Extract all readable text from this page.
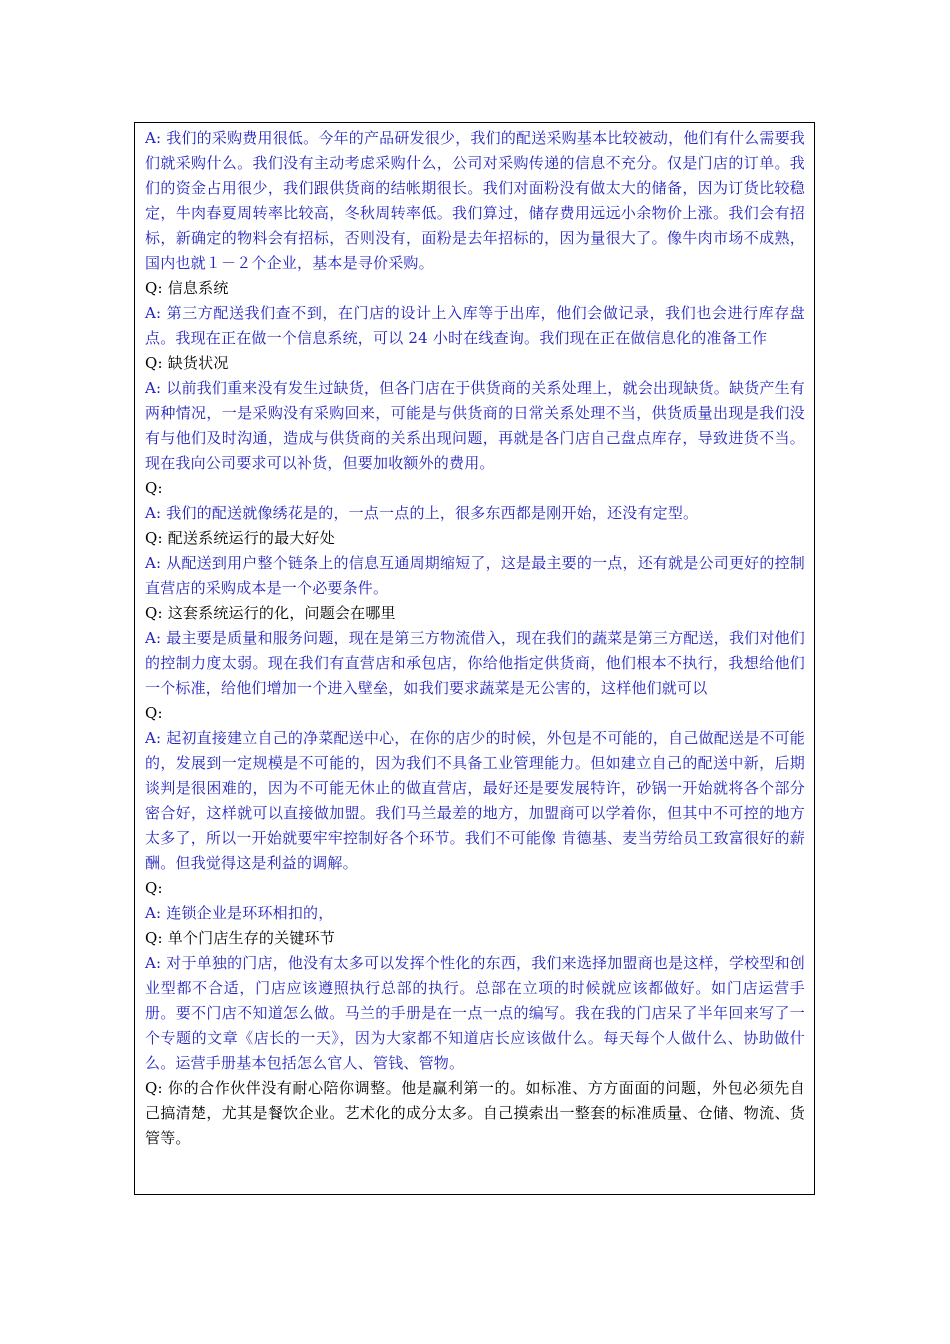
A: 我们的采购费用很低。今年的产品研发很少，我们的配送采购基本比较被动，他们有什么需要我们就采购什么。我们没有主动考虑采购什么，公司对采购传递的信息不充分。仅是门店的订单。我们的资金占用很少，我们跟供货商的结帐期很长。我们对面粉没有做太大的储备，因为订货比较稳定，牛肉春夏周转率比较高，冬秋周转率低。我们算过，储存费用远远小余物价上涨。我们会有招标，新确定的物料会有招标，否则没有，面粉是去年招标的，因为量很大了。像牛肉市场不成熟，国内也就１－２个企业，基本是寻价采购。

Q: 信息系统

A: 第三方配送我们查不到，在门店的设计上入库等于出库，他们会做记录，我们也会进行库存盘点。我现在正在做一个信息系统，可以 24 小时在线查询。我们现在正在做信息化的准备工作

Q: 缺货状况

A: 以前我们重来没有发生过缺货，但各门店在于供货商的关系处理上，就会出现缺货。缺货产生有两种情况，一是采购没有采购回来，可能是与供货商的日常关系处理不当，供货质量出现是我们没有与他们及时沟通，造成与供货商的关系出现问题，再就是各门店自己盘点库存，导致进货不当。现在我向公司要求可以补货，但要加收额外的费用。

Q:

A: 我们的配送就像绣花是的，一点一点的上，很多东西都是刚开始，还没有定型。

Q: 配送系统运行的最大好处

A: 从配送到用户整个链条上的信息互通周期缩短了，这是最主要的一点，还有就是公司更好的控制直营店的采购成本是一个必要条件。

Q: 这套系统运行的化，问题会在哪里

A: 最主要是质量和服务问题，现在是第三方物流借入，现在我们的蔬菜是第三方配送，我们对他们的控制力度太弱。现在我们有直营店和承包店，你给他指定供货商，他们根本不执行，我想给他们一个标准，给他们增加一个进入壁垒，如我们要求蔬菜是无公害的，这样他们就可以

Q:

A: 起初直接建立自己的净菜配送中心，在你的店少的时候，外包是不可能的，自己做配送是不可能的，发展到一定规模是不可能的，因为我们不具备工业管理能力。但如建立自己的配送中新，后期谈判是很困难的，因为不可能无休止的做直营店，最好还是要发展特许，砂锅一开始就将各个部分密合好，这样就可以直接做加盟。我们马兰最差的地方，加盟商可以学着你，但其中不可控的地方太多了，所以一开始就要牢牢控制好各个环节。我们不可能像 肯德基、麦当劳给员工致富很好的薪酬。但我觉得这是利益的调解。

Q:

A: 连锁企业是环环相扣的，

Q: 单个门店生存的关键环节

A: 对于单独的门店，他没有太多可以发挥个性化的东西，我们来选择加盟商也是这样，学校型和创业型都不合适，门店应该遵照执行总部的执行。总部在立项的时候就应该都做好。如门店运营手册。要不门店不知道怎么做。马兰的手册是在一点一点的编写。我在我的门店呆了半年回来写了一个专题的文章《店长的一天》，因为大家都不知道店长应该做什么。每天每个人做什么、协助做什么。运营手册基本包括怎么官人、管钱、管物。

Q: 你的合作伙伴没有耐心陪你调整。他是赢利第一的。如标准、方方面面的问题，外包必须先自己搞清楚，尤其是餐饮企业。艺术化的成分太多。自己摸索出一整套的标准质量、仓储、物流、货管等。
